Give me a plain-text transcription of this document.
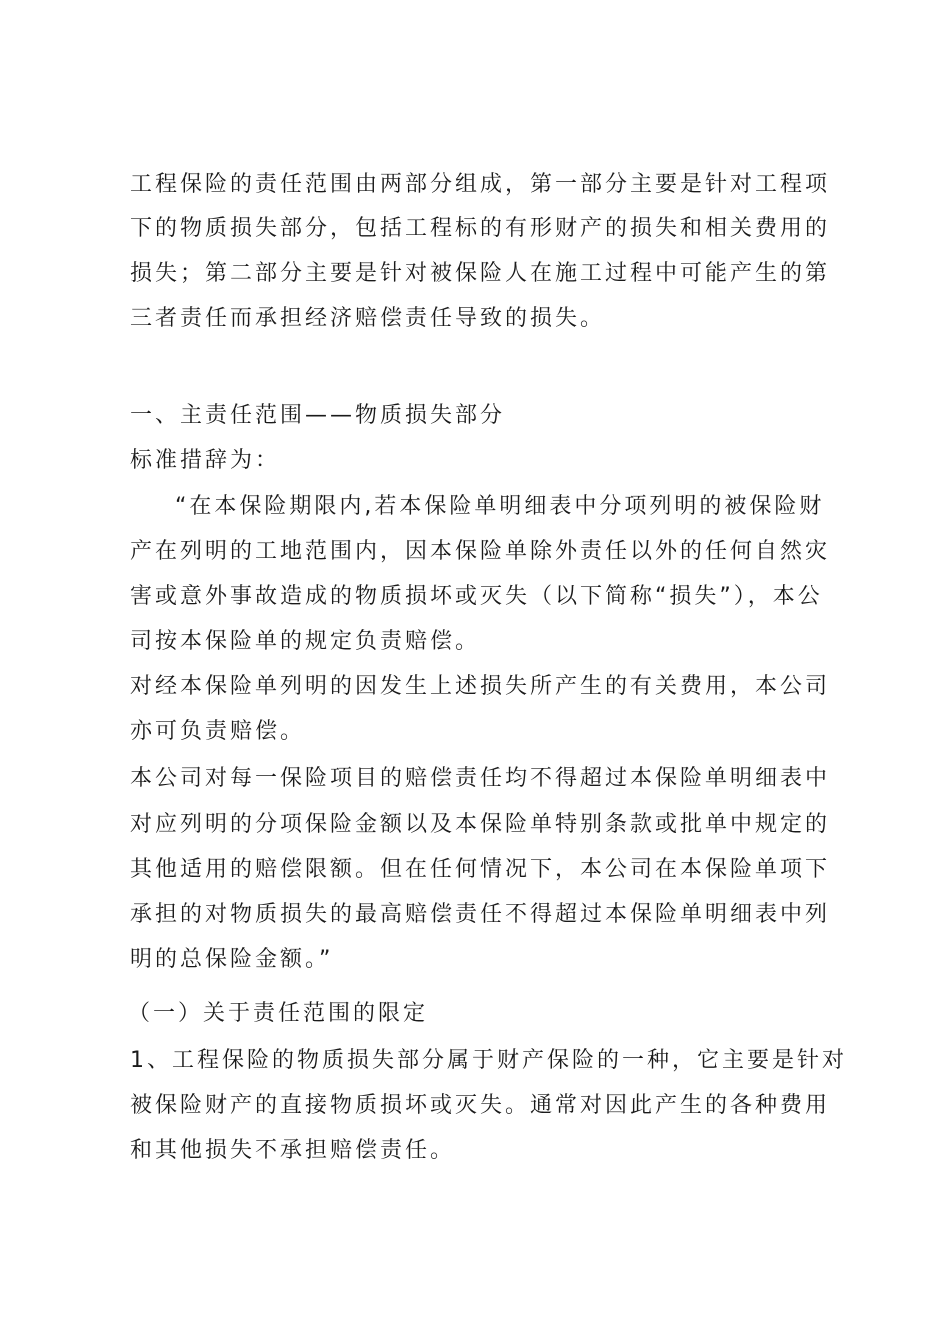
工程保险的责任范围由两部分组成，第一部分主要是针对工程项
下的物质损失部分，包括工程标的有形财产的损失和相关费用的
损失；第二部分主要是针对被保险人在施工过程中可能产生的第
三者责任而承担经济赔偿责任导致的损失。
一、主责任范围——物质损失部分
标准措辞为：
“在本保险期限内,若本保险单明细表中分项列明的被保险财
产在列明的工地范围内，因本保险单除外责任以外的任何自然灾
害或意外事故造成的物质损坏或灭失（以下简称“损失”），本公
司按本保险单的规定负责赔偿。
对经本保险单列明的因发生上述损失所产生的有关费用，本公司
亦可负责赔偿。
本公司对每一保险项目的赔偿责任均不得超过本保险单明细表中
对应列明的分项保险金额以及本保险单特别条款或批单中规定的
其他适用的赔偿限额。但在任何情况下，本公司在本保险单项下
承担的对物质损失的最高赔偿责任不得超过本保险单明细表中列
明的总保险金额。”
（一）关于责任范围的限定
1、工程保险的物质损失部分属于财产保险的一种，它主要是针对
被保险财产的直接物质损坏或灭失。通常对因此产生的各种费用
和其他损失不承担赔偿责任。
